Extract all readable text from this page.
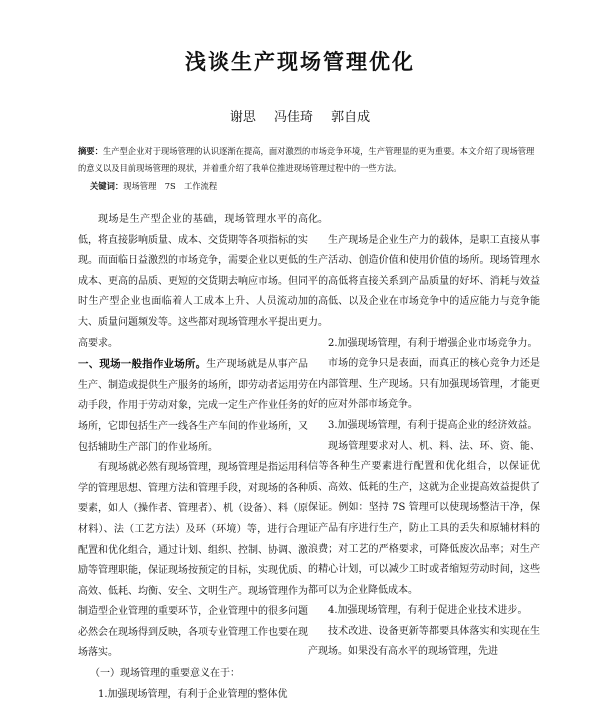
浅谈生产现场管理优化
谢思 冯佳琦 郭自成
摘要：生产型企业对于现场管理的认识逐渐在提高，面对激烈的市场竞争环境，生产管理显的更为重要。本文介绍了现场管理的意义以及目前现场管理的现状，并着重介绍了我单位推进现场管理过程中的一些方法。
关键词：现场管理　7S　工作流程

现场是生产型企业的基础，现场管理水平的高低，将直接影响质量、成本、交货期等各项指标的实现。而面临日益激烈的市场竞争，需要企业以更低的成本、更高的品质、更短的交货期去响应市场。但同时生产型企业也面临着人工成本上升、人员流动加大、质量问题频发等。这些都对现场管理水平提出更高要求。

一、现场一般指作业场所。生产现场就是从事产品生产、制造或提供生产服务的场所，即劳动者运用劳动手段，作用于劳动对象，完成一定生产作业任务的场所，它即包括生产一线各生产车间的作业场所，又包括辅助生产部门的作业场所。

有现场就必然有现场管理，现场管理是指运用科学的管理思想、管理方法和管理手段，对现场的各种要素，如人（操作者、管理者）、机（设备）、料（原材料）、法（工艺方法）及环（环境）等，进行合理配置和优化组合，通过计划、组织、控制、协调、激励等管理职能，保证现场按预定的目标，实现优质、高效、低耗、均衡、安全、文明生产。现场管理作为制造型企业管理的重要环节，企业管理中的很多问题必然会在现场得到反映，各项专业管理工作也要在现场落实。

（一）现场管理的重要意义在于：

1.加强现场管理，有利于企业管理的整体优

化。

生产现场是企业生产力的载体，是职工直接从事生产活动、创造价值和使用价值的场所。现场管理水平的高低将直接关系到产品质量的好坏、消耗与效益的高低、以及企业在市场竞争中的适应能力与竞争能力。

2.加强现场管理，有利于增强企业市场竞争力。

市场的竞争只是表面，而真正的核心竞争力还是在内部管理、生产现场。只有加强现场管理，才能更好的应对外部市场竞争。

3.加强现场管理，有利于提高企业的经济效益。

现场管理要求对人、机、料、法、环、资、能、信等各种生产要素进行配置和优化组合，以保证优质、高效、低耗的生产，这就为企业提高效益提供了保证。例如：坚持 7S 管理可以使现场整洁干净，保证产品有序进行生产，防止工具的丢失和原辅材料的浪费；对工艺的严格要求，可降低废次品率；对生产的精心计划，可以减少工时或者缩短劳动时间，这些都可以为企业降低成本。

4.加强现场管理，有利于促进企业技术进步。

技术改进、设备更新等都要具体落实和实现在生产现场。如果没有高水平的现场管理，先进
